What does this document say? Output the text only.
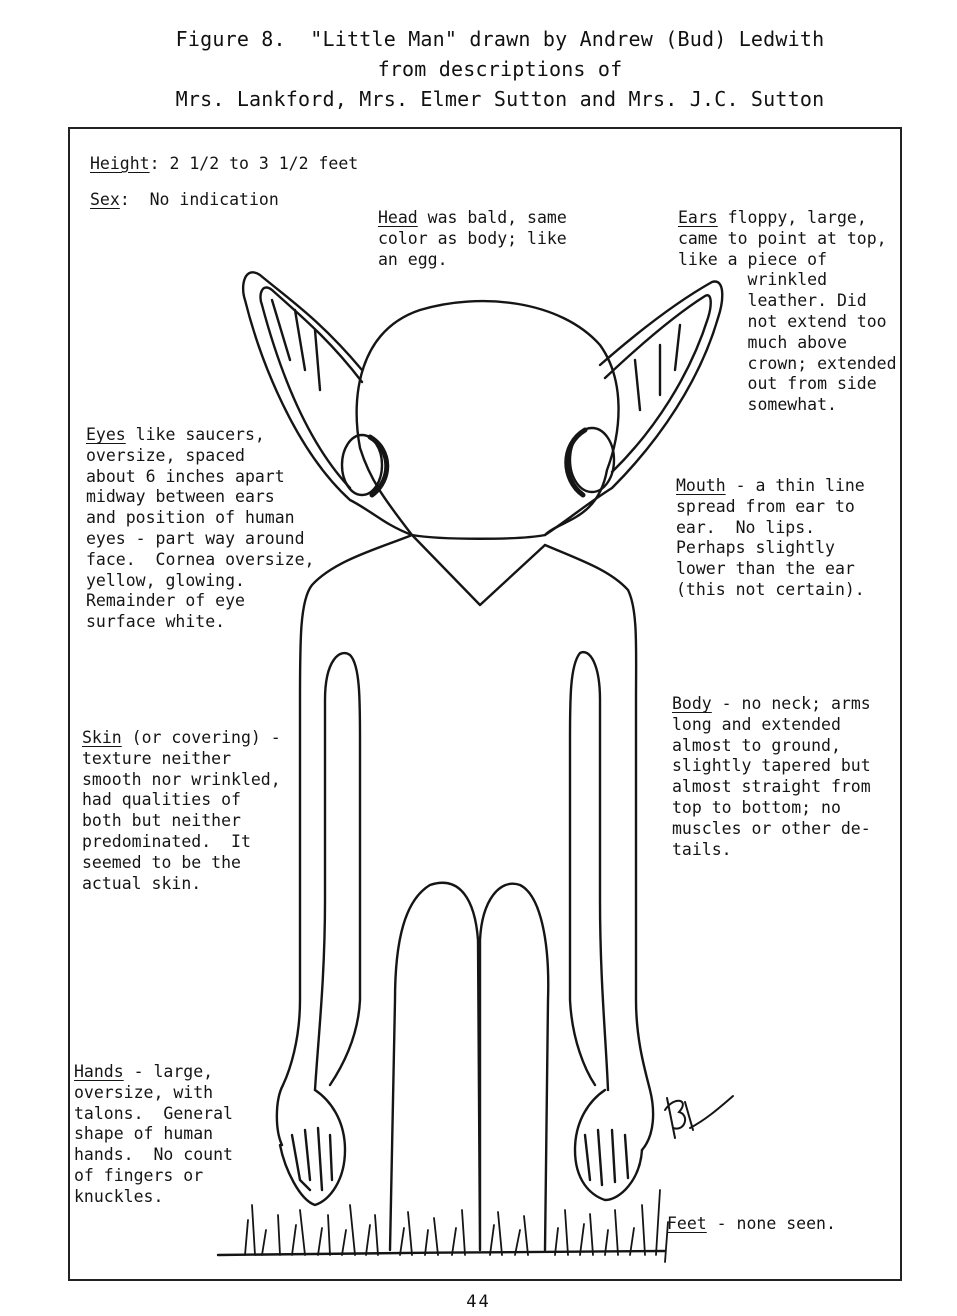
Figure 8.  "Little Man" drawn by Andrew (Bud) Ledwith
from descriptions of
Mrs. Lankford, Mrs. Elmer Sutton and Mrs. J.C. Sutton
Height: 2 1/2 to 3 1/2 feet
Sex:  No indication
Head was bald, same
color as body; like
an egg.
Ears floppy, large,
came to point at top,
like a piece of
wrinkled
leather. Did
not extend too
much above
crown; extended
out from side
somewhat.
Eyes like saucers,
oversize, spaced
about 6 inches apart
midway between ears
and position of human
eyes - part way around
face.  Cornea oversize,
yellow, glowing.
Remainder of eye
surface white.
Mouth - a thin line
spread from ear to
ear.  No lips.
Perhaps slightly
lower than the ear
(this not certain).
Skin (or covering) -
texture neither
smooth nor wrinkled,
had qualities of
both but neither
predominated.  It
seemed to be the
actual skin.
Body - no neck; arms
long and extended
almost to ground,
slightly tapered but
almost straight from
top to bottom; no
muscles or other de-
tails.
Hands - large,
oversize, with
talons.  General
shape of human
hands.  No count
of fingers or
knuckles.
Feet - none seen.
44
